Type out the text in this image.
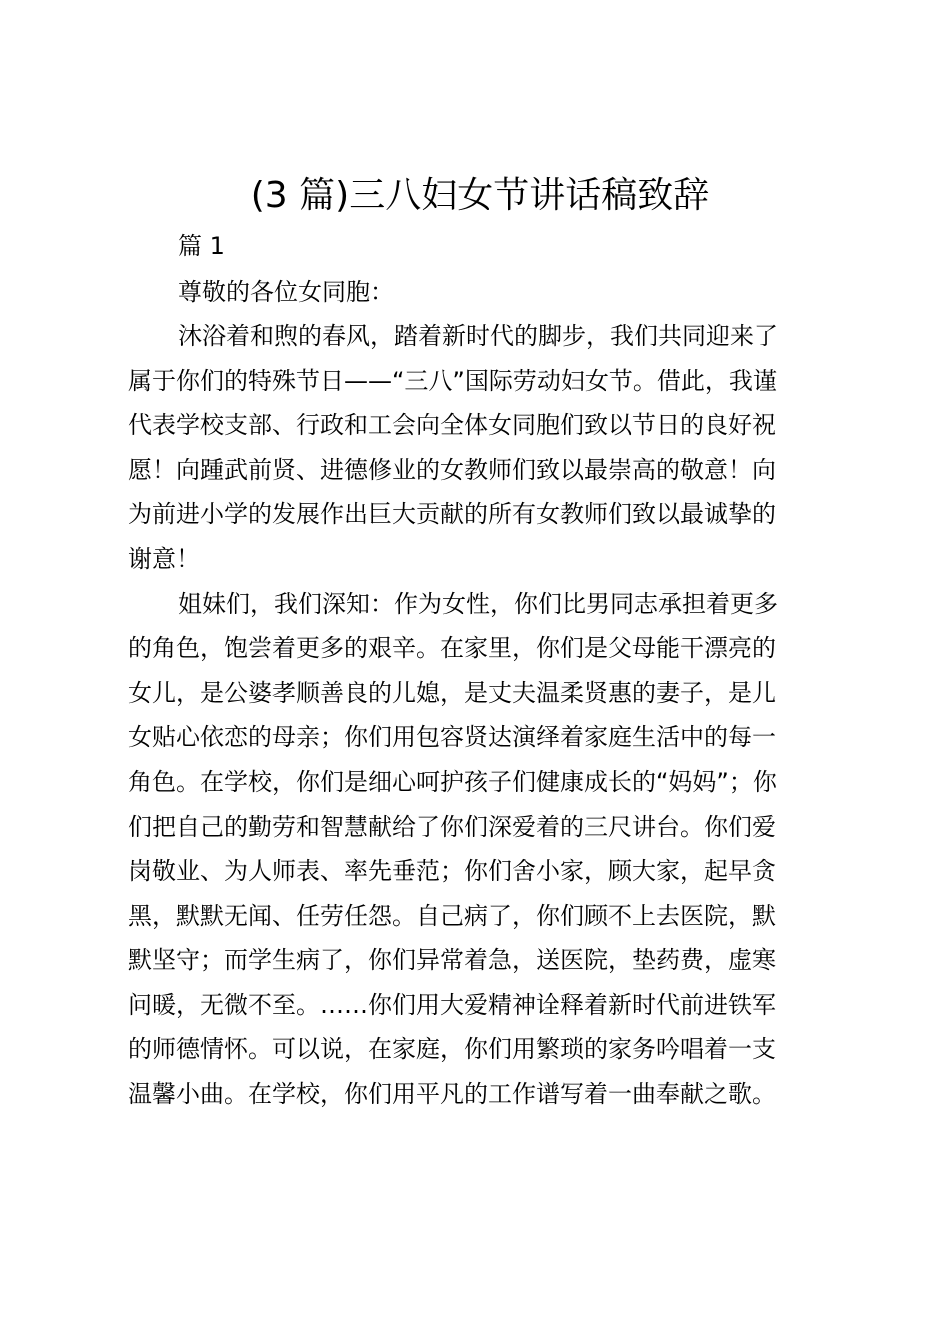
(3 篇)三八妇女节讲话稿致辞
篇 1
尊敬的各位女同胞：
沐浴着和煦的春风，踏着新时代的脚步，我们共同迎来了
属于你们的特殊节日——“三八”国际劳动妇女节。借此，我谨
代表学校支部、行政和工会向全体女同胞们致以节日的良好祝
愿！向踵武前贤、进德修业的女教师们致以最崇高的敬意！向
为前进小学的发展作出巨大贡献的所有女教师们致以最诚挚的
谢意！
姐妹们，我们深知：作为女性，你们比男同志承担着更多
的角色，饱尝着更多的艰辛。在家里，你们是父母能干漂亮的
女儿，是公婆孝顺善良的儿媳，是丈夫温柔贤惠的妻子，是儿
女贴心依恋的母亲；你们用包容贤达演绎着家庭生活中的每一
角色。在学校，你们是细心呵护孩子们健康成长的“妈妈”；你
们把自己的勤劳和智慧献给了你们深爱着的三尺讲台。你们爱
岗敬业、为人师表、率先垂范；你们舍小家，顾大家，起早贪
黑，默默无闻、任劳任怨。自己病了，你们顾不上去医院，默
默坚守；而学生病了，你们异常着急，送医院，垫药费，虚寒
问暖，无微不至。……你们用大爱精神诠释着新时代前进铁军
的师德情怀。可以说，在家庭，你们用繁琐的家务吟唱着一支
温馨小曲。在学校，你们用平凡的工作谱写着一曲奉献之歌。
